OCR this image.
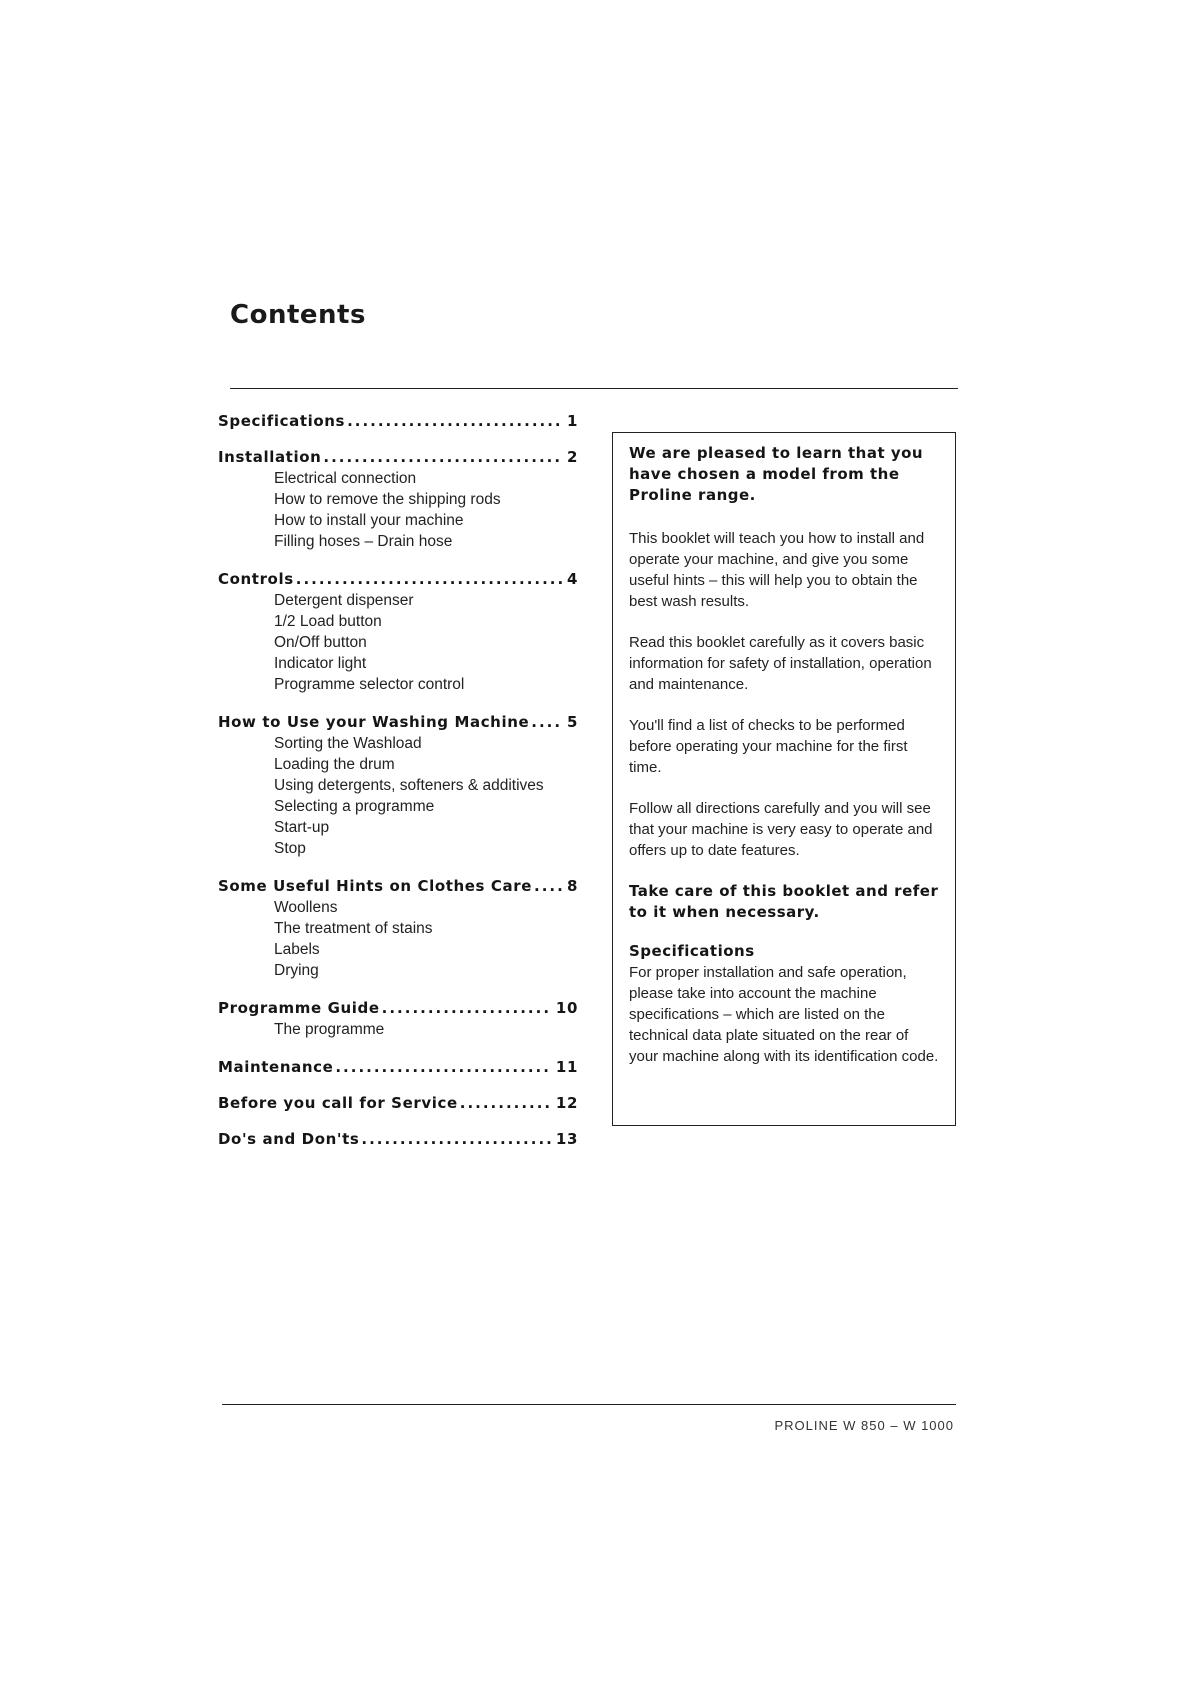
Contents
Specifications .....	1
Installation .....	2
Electrical connection
How to remove the shipping rods
How to install your machine
Filling hoses – Drain hose
Controls .....	4
Detergent dispenser
1/2 Load button
On/Off button
Indicator light
Programme selector control
How to Use your Washing Machine .....	5
Sorting the Washload
Loading the drum
Using detergents, softeners & additives
Selecting a programme
Start-up
Stop
Some Useful Hints on Clothes Care ..... 8
Woollens
The treatment of stains
Labels
Drying
Programme Guide .....	10
The programme
Maintenance .....	11
Before you call for Service .....	12
Do's and Don'ts .....	13
We are pleased to learn that you have chosen a model from the Proline range.

This booklet will teach you how to install and operate your machine, and give you some useful hints – this will help you to obtain the best wash results.

Read this booklet carefully as it covers basic information for safety of installation, operation and maintenance.

You'll find a list of checks to be performed before operating your machine for the first time.

Follow all directions carefully and you will see that your machine is very easy to operate and offers up to date features.

Take care of this booklet and refer to it when necessary.
Specifications

For proper installation and safe operation, please take into account the machine specifications – which are listed on the technical data plate situated on the rear of your machine along with its identification code.

PROLINE W 850 – W 1000
